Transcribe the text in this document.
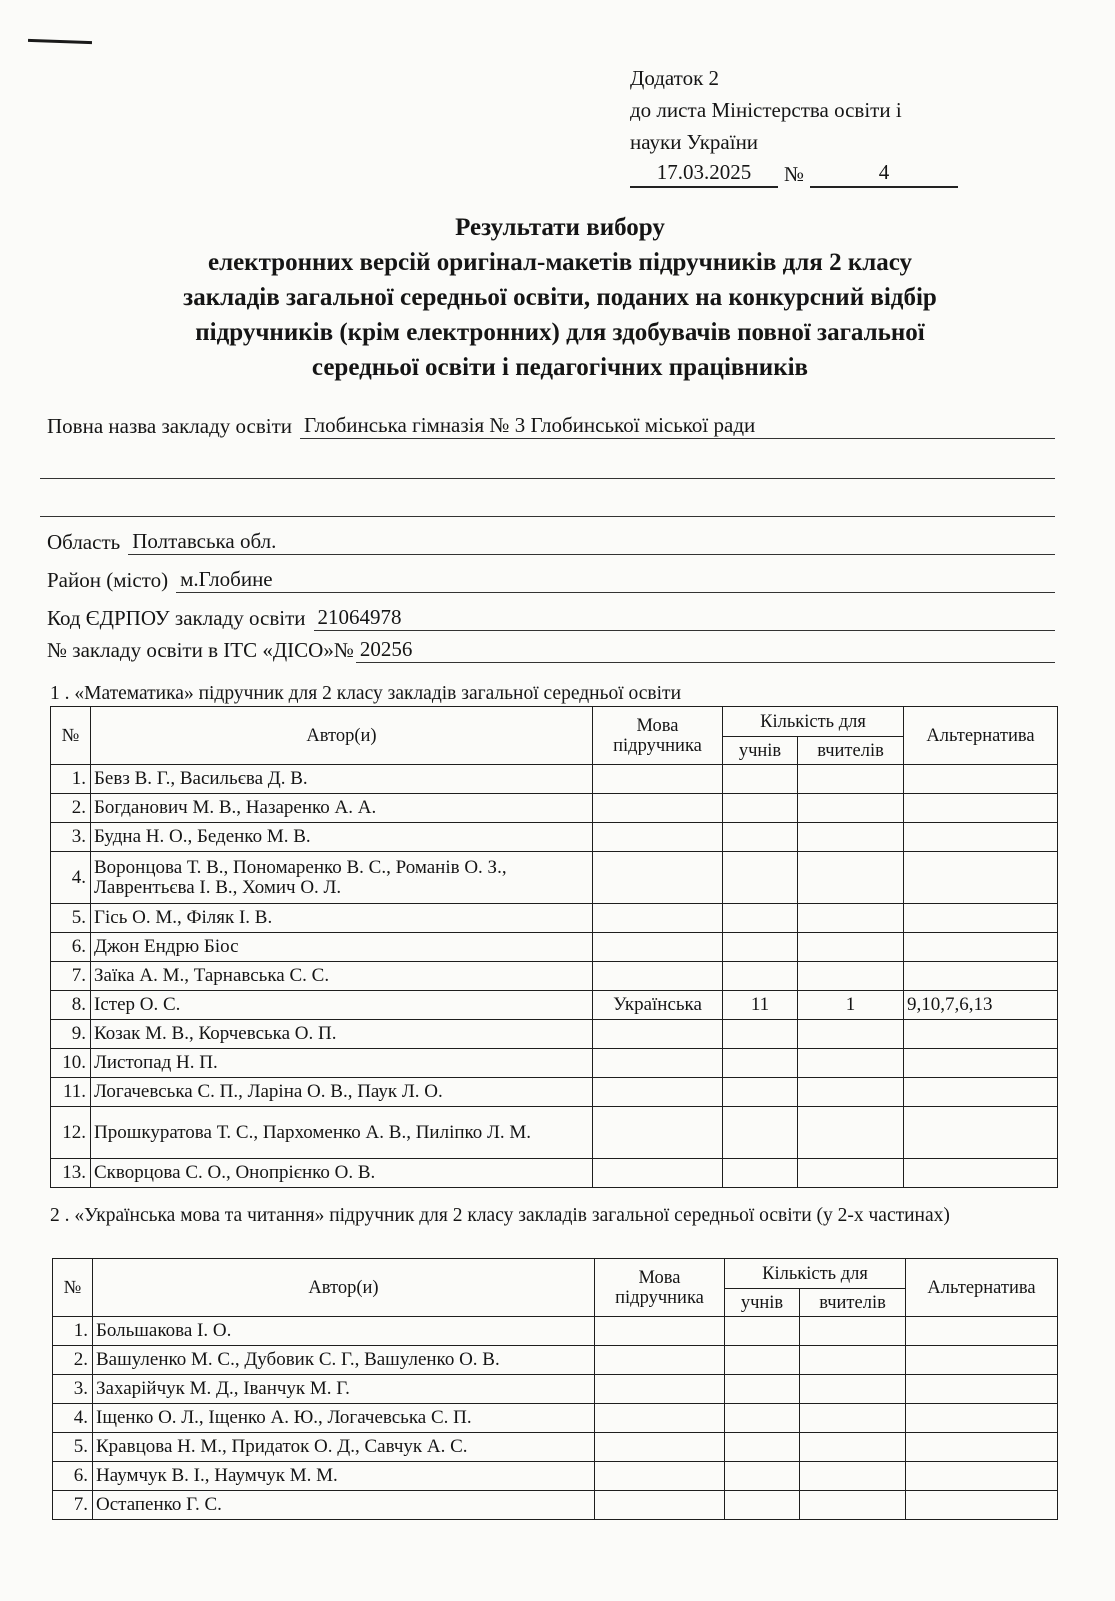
Додаток 2
до листа Міністерства освіти і
науки України
17.03.2025	№	4
Результати вибору
електронних версій оригінал-макетів підручників для 2 класу
закладів загальної середньої освіти, поданих на конкурсний відбір
підручників (крім електронних) для здобувачів повної загальної
середньої освіти і педагогічних працівників
Повна назва закладу освіти Глобинська гімназія № 3 Глобинської міської ради
Область Полтавська обл.
Район (місто) м.Глобине
Код ЄДРПОУ закладу освіти 21064978
№ закладу освіти в ІТС «ДІСО»№ 20256
1 . «Математика» підручник для 2 класу закладів загальної середньої освіти
№	Автор(и)	Мова підручника	Кількість для		Альтернатива
			учнів	вчителів	
1.	Бевз В. Г., Васильєва Д. В.				
2.	Богданович М. В., Назаренко А. А.				
3.	Будна Н. О., Беденко М. В.				
4.	Воронцова Т. В., Пономаренко В. С., Романів О. З., Лаврентьєва І. В., Хомич О. Л.				
5.	Гісь О. М., Філяк І. В.				
6.	Джон Ендрю Біос				
7.	Заїка А. М., Тарнавська С. С.				
8.	Істер О. С.	Українська	11	1	9,10,7,6,13
9.	Козак М. В., Корчевська О. П.				
10.	Листопад Н. П.				
11.	Логачевська С. П., Ларіна О. В., Паук Л. О.				
12.	Прошкуратова Т. С., Пархоменко А. В., Пиліпко Л. М.				
13.	Скворцова С. О., Онопрієнко О. В.				
2 . «Українська мова та читання» підручник для 2 класу закладів загальної середньої освіти (у 2-х частинах)
№	Автор(и)	Мова підручника	Кількість для		Альтернатива
			учнів	вчителів	
1.	Большакова І. О.				
2.	Вашуленко М. С., Дубовик С. Г., Вашуленко О. В.				
3.	Захарійчук М. Д., Іванчук М. Г.				
4.	Іщенко О. Л., Іщенко А. Ю., Логачевська С. П.				
5.	Кравцова Н. М., Придаток О. Д., Савчук А. С.				
6.	Наумчук В. І., Наумчук М. М.				
7.	Остапенко Г. С.				
